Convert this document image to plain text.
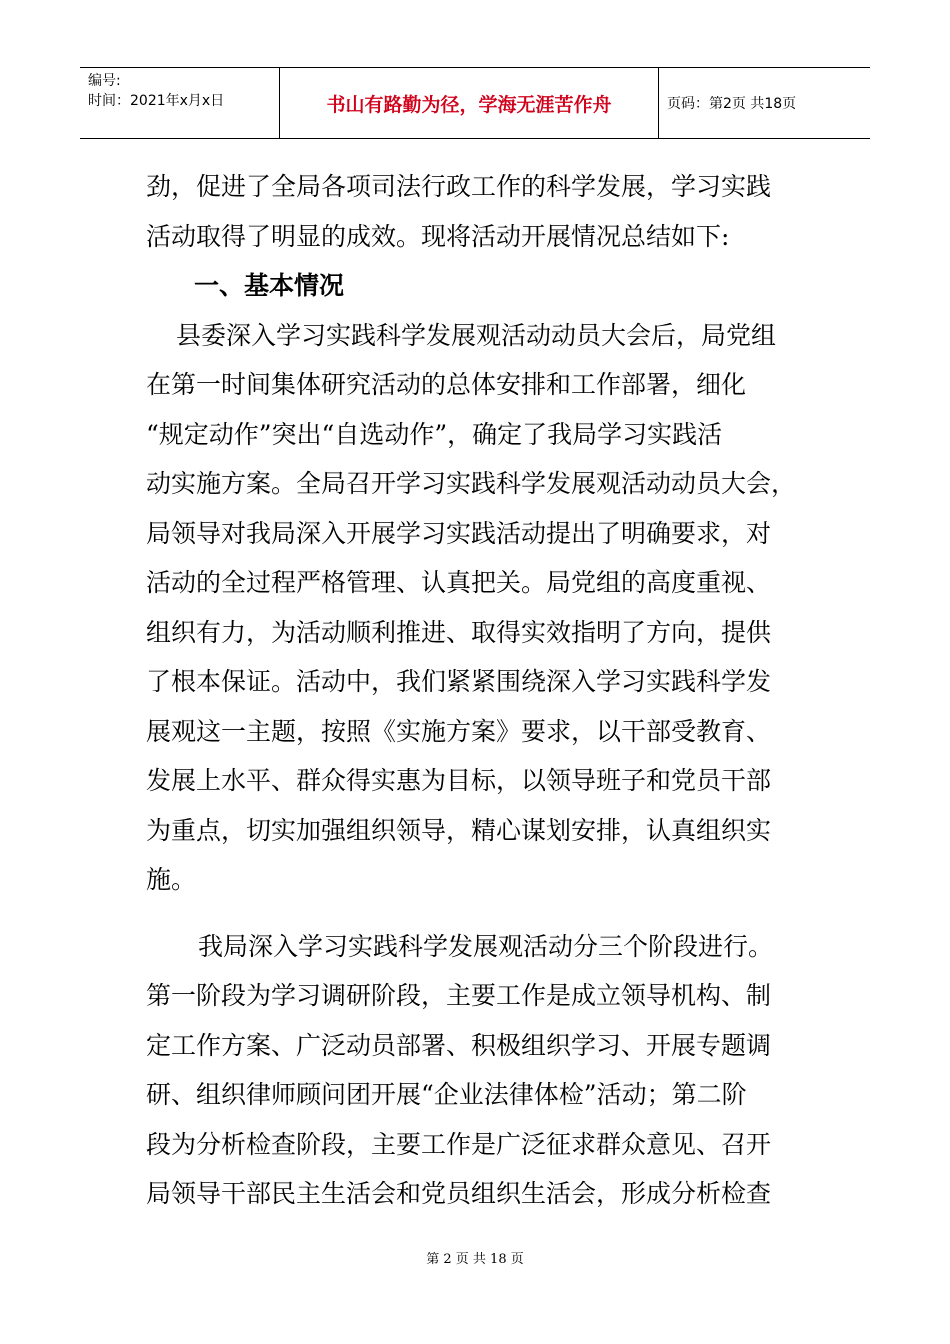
编号:
时间：2021年x月x日	书山有路勤为径，学海无涯苦作舟	页码：第2页 共18页
劲，促进了全局各项司法行政工作的科学发展，学习实践
活动取得了明显的成效。现将活动开展情况总结如下:
一、基本情况
县委深入学习实践科学发展观活动动员大会后，局党组
在第一时间集体研究活动的总体安排和工作部署，细化
“规定动作”突出“自选动作”，确定了我局学习实践活
动实施方案。全局召开学习实践科学发展观活动动员大会，
局领导对我局深入开展学习实践活动提出了明确要求，对
活动的全过程严格管理、认真把关。局党组的高度重视、
组织有力，为活动顺利推进、取得实效指明了方向，提供
了根本保证。活动中，我们紧紧围绕深入学习实践科学发
展观这一主题，按照《实施方案》要求，以干部受教育、
发展上水平、群众得实惠为目标，以领导班子和党员干部
为重点，切实加强组织领导，精心谋划安排，认真组织实
施。
我局深入学习实践科学发展观活动分三个阶段进行。
第一阶段为学习调研阶段，主要工作是成立领导机构、制
定工作方案、广泛动员部署、积极组织学习、开展专题调
研、组织律师顾问团开展“企业法律体检”活动；第二阶
段为分析检查阶段，主要工作是广泛征求群众意见、召开
局领导干部民主生活会和党员组织生活会，形成分析检查
第 2 页 共 18 页
